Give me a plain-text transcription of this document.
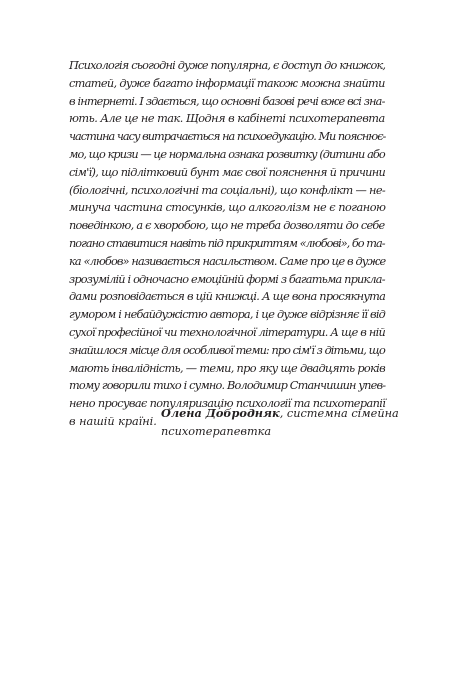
Психологія сьогодні дуже популярна, є доступ до книжок,
статей, дуже багато інформації також можна знайти
в інтернеті. І здається, що основні базові речі вже всі зна-
ють. Але це не так. Щодня в кабінеті психотерапевта
частина часу витрачається на психоедукацію. Ми пояснює-
мо, що кризи — це нормальна ознака розвитку (дитини або
сім'ї), що підлітковий бунт має свої пояснення й причини
(біологічні, психологічні та соціальні), що конфлікт — не-
минуча частина стосунків, що алкоголізм не є поганою
поведінкою, а є хворобою, що не треба дозволяти до себе
погано ставитися навіть під прикриттям «любові», бо та-
ка «любов» називається насильством. Саме про це в дуже
зрозумілій і одночасно емоційній формі з багатьма прикла-
дами розповідається в цій книжці. А ще вона просякнута
гумором і небайдужістю автора, і це дуже відрізняє її від
сухої професійної чи технологічної літератури. А ще в ній
знайшлося місце для особливої теми: про сім'ї з дітьми, що
мають інвалідність, — теми, про яку ще двадцять років
тому говорили тихо і сумно. Володимир Станчишин упев-
нено просуває популяризацію психології та психотерапії
в нашій країні.
Олена Добродняк, системна сімейна
психотерапевтка
